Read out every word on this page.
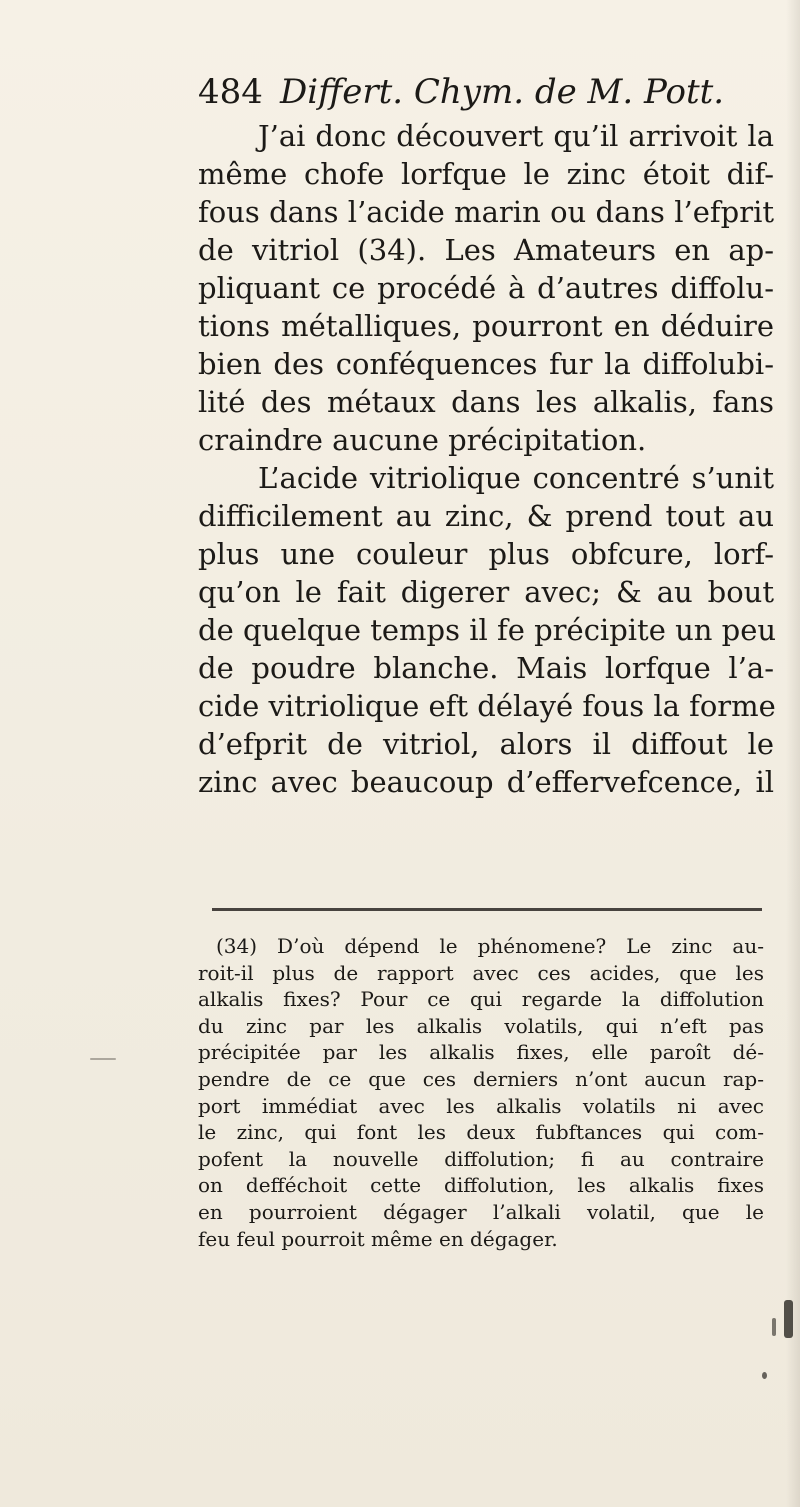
484 Differt. Chym. de M. Pott.
J’ai donc découvert qu’il arrivoit la
même chofe lorfque le zinc étoit dif-
fous dans l’acide marin ou dans l’efprit
de vitriol (34). Les Amateurs en ap-
pliquant ce procédé à d’autres diffolu-
tions métalliques, pourront en déduire
bien des conféquences fur la diffolubi-
lité des métaux dans les alkalis, fans
craindre aucune précipitation.
L’acide vitriolique concentré s’unit
difficilement au zinc, & prend tout au
plus une couleur plus obfcure, lorf-
qu’on le fait digerer avec; & au bout
de quelque temps il fe précipite un peu
de poudre blanche. Mais lorfque l’a-
cide vitriolique eft délayé fous la forme
d’efprit de vitriol, alors il diffout le
zinc avec beaucoup d’effervefcence, il
(34) D’où dépend le phénomene? Le zinc au-
roit-il plus de rapport avec ces acides, que les
alkalis fixes? Pour ce qui regarde la diffolution
du zinc par les alkalis volatils, qui n’eft pas
précipitée par les alkalis fixes, elle paroît dé-
pendre de ce que ces derniers n’ont aucun rap-
port immédiat avec les alkalis volatils ni avec
le zinc, qui font les deux fubftances qui com-
pofent la nouvelle diffolution; fi au contraire
on defféchoit cette diffolution, les alkalis fixes
en pourroient dégager l’alkali volatil, que le
feu feul pourroit même en dégager.
